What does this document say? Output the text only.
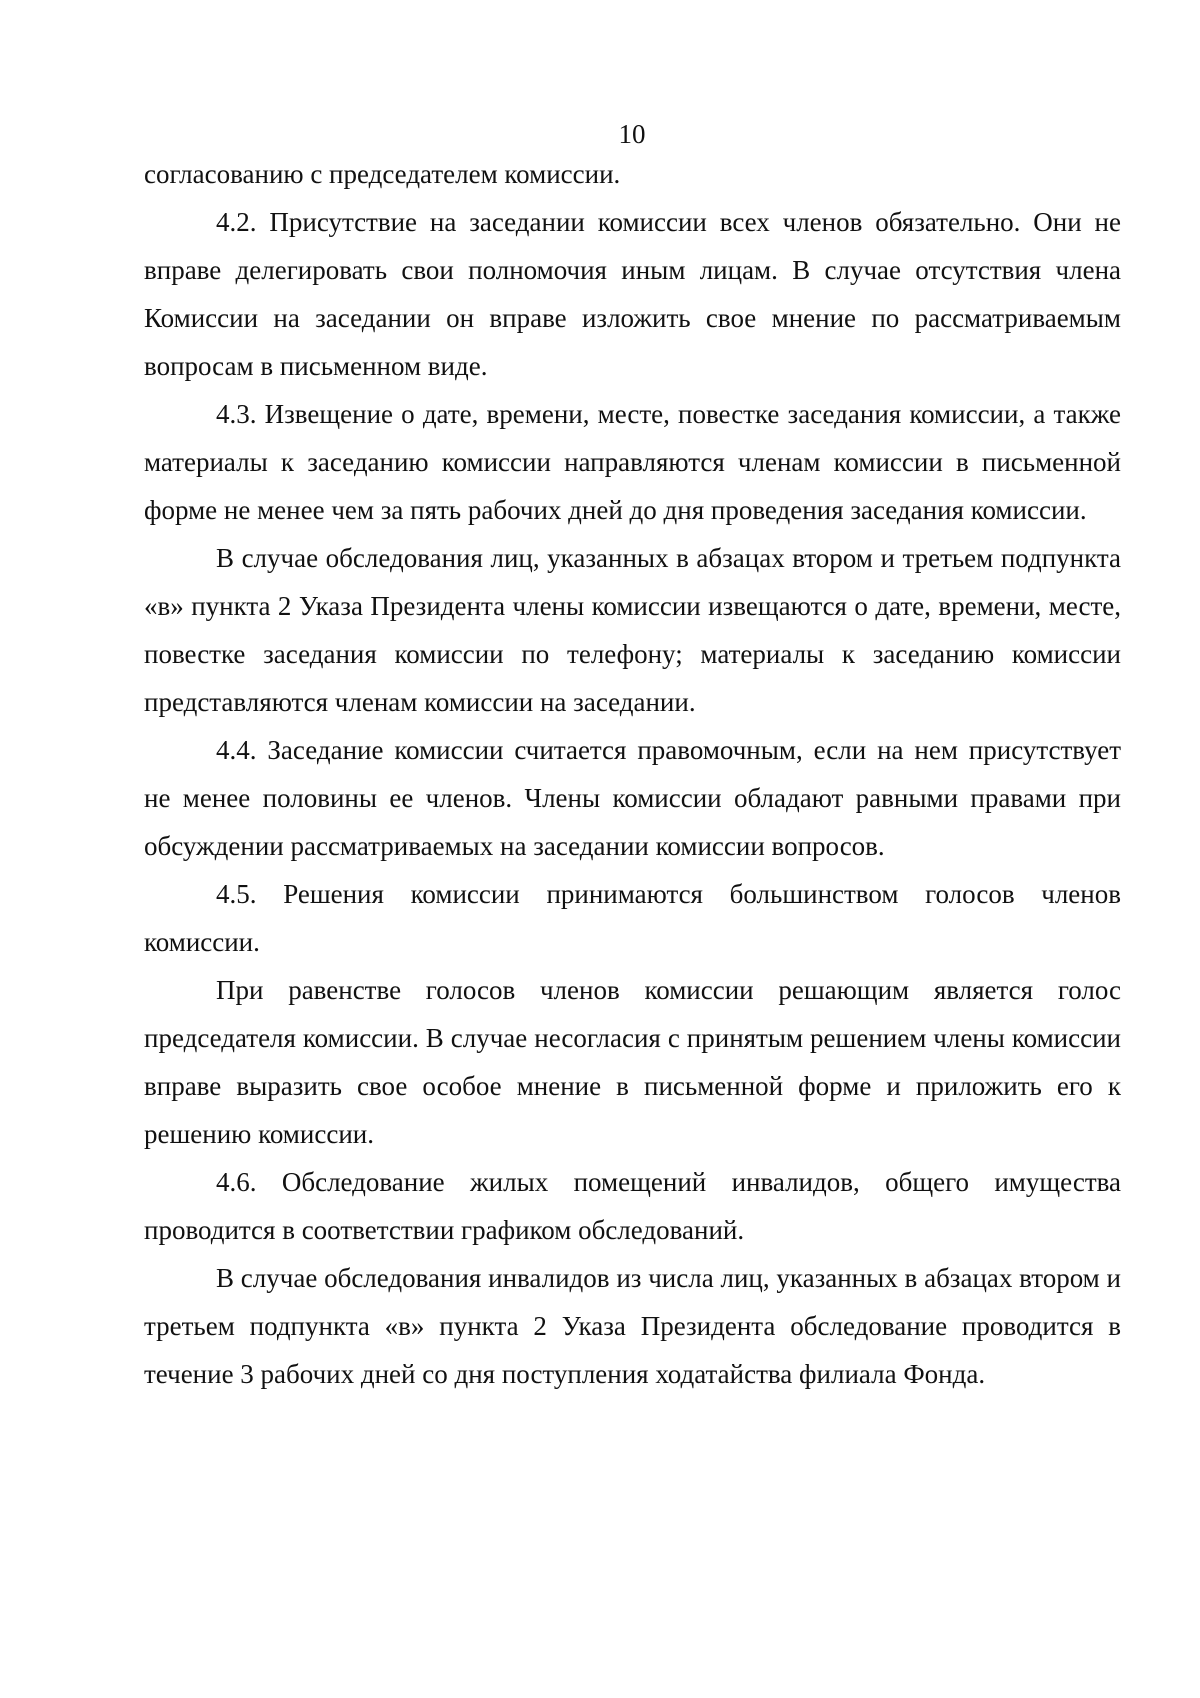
10

согласованию с председателем комиссии.

4.2. Присутствие на заседании комиссии всех членов обязательно. Они не вправе делегировать свои полномочия иным лицам. В случае отсутствия члена Комиссии на заседании он вправе изложить свое мнение по рассматриваемым вопросам в письменном виде.

4.3. Извещение о дате, времени, месте, повестке заседания комиссии, а также материалы к заседанию комиссии направляются членам комиссии в письменной форме не менее чем за пять рабочих дней до дня проведения заседания комиссии.

В случае обследования лиц, указанных в абзацах втором и третьем подпункта «в» пункта 2 Указа Президента члены комиссии извещаются о дате, времени, месте, повестке заседания комиссии по телефону; материалы к заседанию комиссии представляются членам комиссии на заседании.

4.4. Заседание комиссии считается правомочным, если на нем присутствует не менее половины ее членов. Члены комиссии обладают равными правами при обсуждении рассматриваемых на заседании комиссии вопросов.

4.5. Решения комиссии принимаются большинством голосов членов комиссии.

При равенстве голосов членов комиссии решающим является голос председателя комиссии. В случае несогласия с принятым решением члены комиссии вправе выразить свое особое мнение в письменной форме и приложить его к решению комиссии.

4.6. Обследование жилых помещений инвалидов, общего имущества проводится в соответствии графиком обследований.

В случае обследования инвалидов из числа лиц, указанных в абзацах втором и третьем подпункта «в» пункта 2 Указа Президента обследование проводится в течение 3 рабочих дней со дня поступления ходатайства филиала Фонда.
